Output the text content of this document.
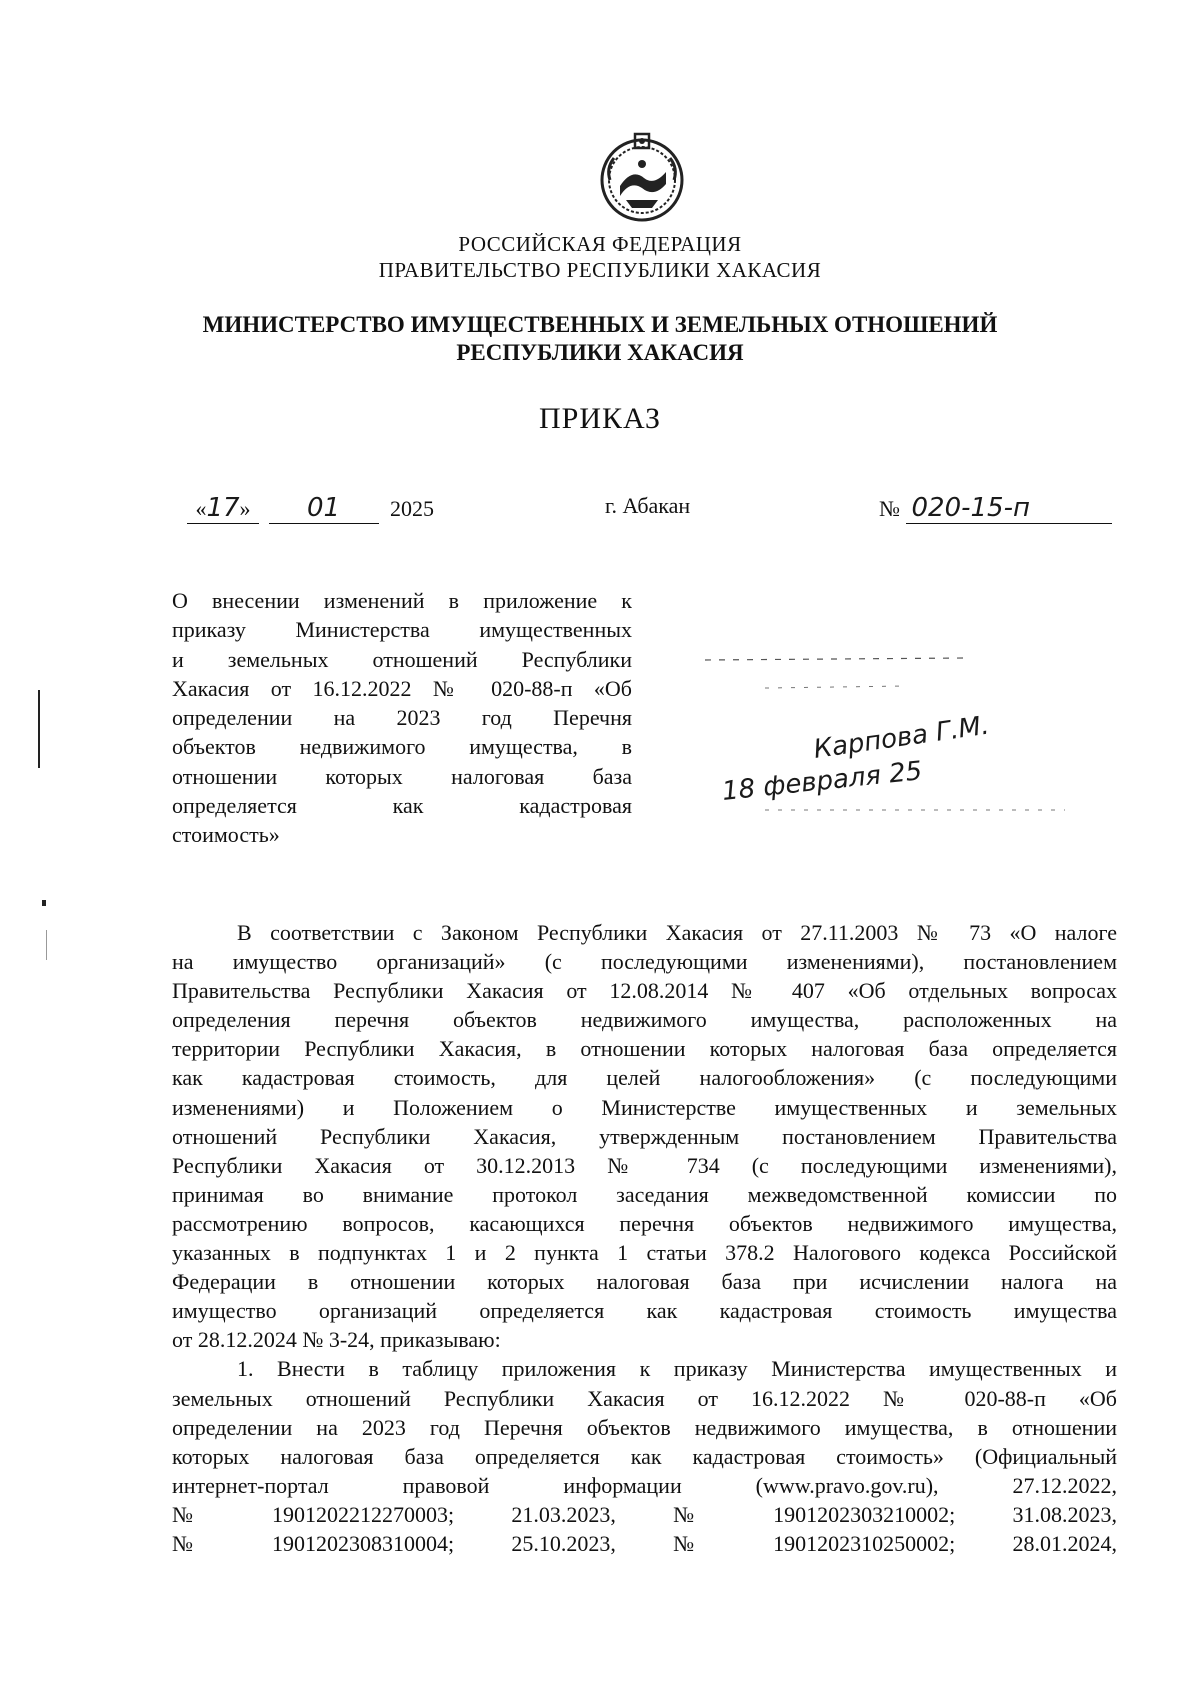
РОССИЙСКАЯ ФЕДЕРАЦИЯ
ПРАВИТЕЛЬСТВО РЕСПУБЛИКИ ХАКАСИЯ
МИНИСТЕРСТВО ИМУЩЕСТВЕННЫХ И ЗЕМЕЛЬНЫХ ОТНОШЕНИЙ
РЕСПУБЛИКИ ХАКАСИЯ
ПРИКАЗ
«17» 01 2025	г. Абакан	№ 020-15-п
О внесении изменений в приложение к
приказу Министерства имущественных
и земельных отношений Республики
Хакасия от 16.12.2022 № 020-88-п «Об
определении на 2023 год Перечня
объектов недвижимого имущества, в
отношении которых налоговая база
определяется как кадастровая
стоимость»
Карпова Г.М.
18 февраля 25
В соответствии с Законом Республики Хакасия от 27.11.2003 № 73 «О налоге
на имущество организаций» (с последующими изменениями), постановлением
Правительства Республики Хакасия от 12.08.2014 № 407 «Об отдельных вопросах
определения перечня объектов недвижимого имущества, расположенных на
территории Республики Хакасия, в отношении которых налоговая база определяется
как кадастровая стоимость, для целей налогообложения» (с последующими
изменениями) и Положением о Министерстве имущественных и земельных
отношений Республики Хакасия, утвержденным постановлением Правительства
Республики Хакасия от 30.12.2013 № 734 (с последующими изменениями),
принимая во внимание протокол заседания межведомственной комиссии по
рассмотрению вопросов, касающихся перечня объектов недвижимого имущества,
указанных в подпунктах 1 и 2 пункта 1 статьи 378.2 Налогового кодекса Российской
Федерации в отношении которых налоговая база при исчислении налога на
имущество организаций определяется как кадастровая стоимость имущества
от 28.12.2024 № 3-24, приказываю:
1. Внести в таблицу приложения к приказу Министерства имущественных и
земельных отношений Республики Хакасия от 16.12.2022 № 020-88-п «Об
определении на 2023 год Перечня объектов недвижимого имущества, в отношении
которых налоговая база определяется как кадастровая стоимость» (Официальный
интернет-портал правовой информации (www.pravo.gov.ru), 27.12.2022,
№ 1901202212270003; 21.03.2023, № 1901202303210002; 31.08.2023,
№ 1901202308310004; 25.10.2023, № 1901202310250002; 28.01.2024,
